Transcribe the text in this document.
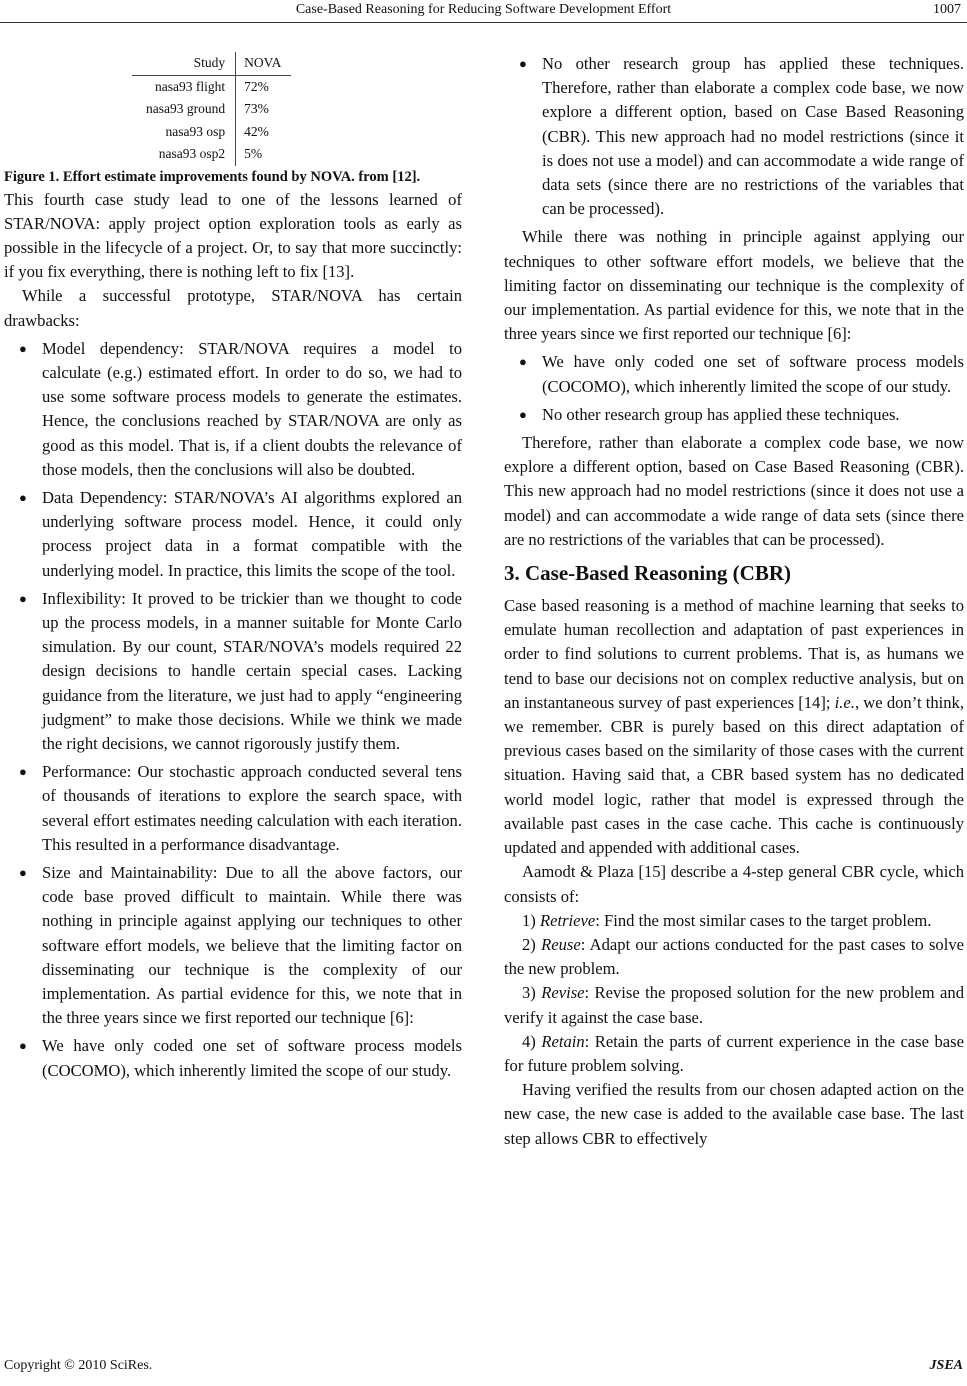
Case-Based Reasoning for Reducing Software Development Effort	1007
Study	NOVA
nasa93 flight	72%
nasa93 ground	73%
nasa93 osp	42%
nasa93 osp2	5%

Figure 1. Effort estimate improvements found by NOVA. from [12].

This fourth case study lead to one of the lessons learned of STAR/NOVA: apply project option exploration tools as early as possible in the lifecycle of a project. Or, to say that more succinctly: if you fix everything, there is nothing left to fix [13].

While a successful prototype, STAR/NOVA has certain drawbacks:

● Model dependency: STAR/NOVA requires a model to calculate (e.g.) estimated effort. In order to do so, we had to use some software process models to generate the estimates. Hence, the conclusions reached by STAR/NOVA are only as good as this model. That is, if a client doubts the relevance of those models, then the conclusions will also be doubted.
● Data Dependency: STAR/NOVA’s AI algorithms explored an underlying software process model. Hence, it could only process project data in a format compatible with the underlying model. In practice, this limits the scope of the tool.
● Inflexibility: It proved to be trickier than we thought to code up the process models, in a manner suitable for Monte Carlo simulation. By our count, STAR/NOVA’s models required 22 design decisions to handle certain special cases. Lacking guidance from the literature, we just had to apply “engineering judgment” to make those decisions. While we think we made the right decisions, we cannot rigorously justify them.
● Performance: Our stochastic approach conducted several tens of thousands of iterations to explore the search space, with several effort estimates needing calculation with each iteration. This resulted in a performance disadvantage.
● Size and Maintainability: Due to all the above factors, our code base proved difficult to maintain. While there was nothing in principle against applying our techniques to other software effort models, we believe that the limiting factor on disseminating our technique is the complexity of our implementation. As partial evidence for this, we note that in the three years since we first reported our technique [6]:
● We have only coded one set of software process models (COCOMO), which inherently limited the scope of our study.
● No other research group has applied these techniques. Therefore, rather than elaborate a complex code base, we now explore a different option, based on Case Based Reasoning (CBR). This new approach had no model restrictions (since it is does not use a model) and can accommodate a wide range of data sets (since there are no restrictions of the variables that can be processed).

While there was nothing in principle against applying our techniques to other software effort models, we believe that the limiting factor on disseminating our technique is the complexity of our implementation. As partial evidence for this, we note that in the three years since we first reported our technique [6]:

● We have only coded one set of software process models (COCOMO), which inherently limited the scope of our study.
● No other research group has applied these techniques.

Therefore, rather than elaborate a complex code base, we now explore a different option, based on Case Based Reasoning (CBR). This new approach had no model restrictions (since it does not use a model) and can accommodate a wide range of data sets (since there are no restrictions of the variables that can be processed).

3. Case-Based Reasoning (CBR)

Case based reasoning is a method of machine learning that seeks to emulate human recollection and adaptation of past experiences in order to find solutions to current problems. That is, as humans we tend to base our decisions not on complex reductive analysis, but on an instantaneous survey of past experiences [14]; i.e., we don’t think, we remember. CBR is purely based on this direct adaptation of previous cases based on the similarity of those cases with the current situation. Having said that, a CBR based system has no dedicated world model logic, rather that model is expressed through the available past cases in the case cache. This cache is continuously updated and appended with additional cases.

Aamodt & Plaza [15] describe a 4-step general CBR cycle, which consists of:

1) Retrieve: Find the most similar cases to the target problem.

2) Reuse: Adapt our actions conducted for the past cases to solve the new problem.

3) Revise: Revise the proposed solution for the new problem and verify it against the case base.

4) Retain: Retain the parts of current experience in the case base for future problem solving.

Having verified the results from our chosen adapted action on the new case, the new case is added to the available case base. The last step allows CBR to effectively

Copyright © 2010 SciRes.	JSEA
